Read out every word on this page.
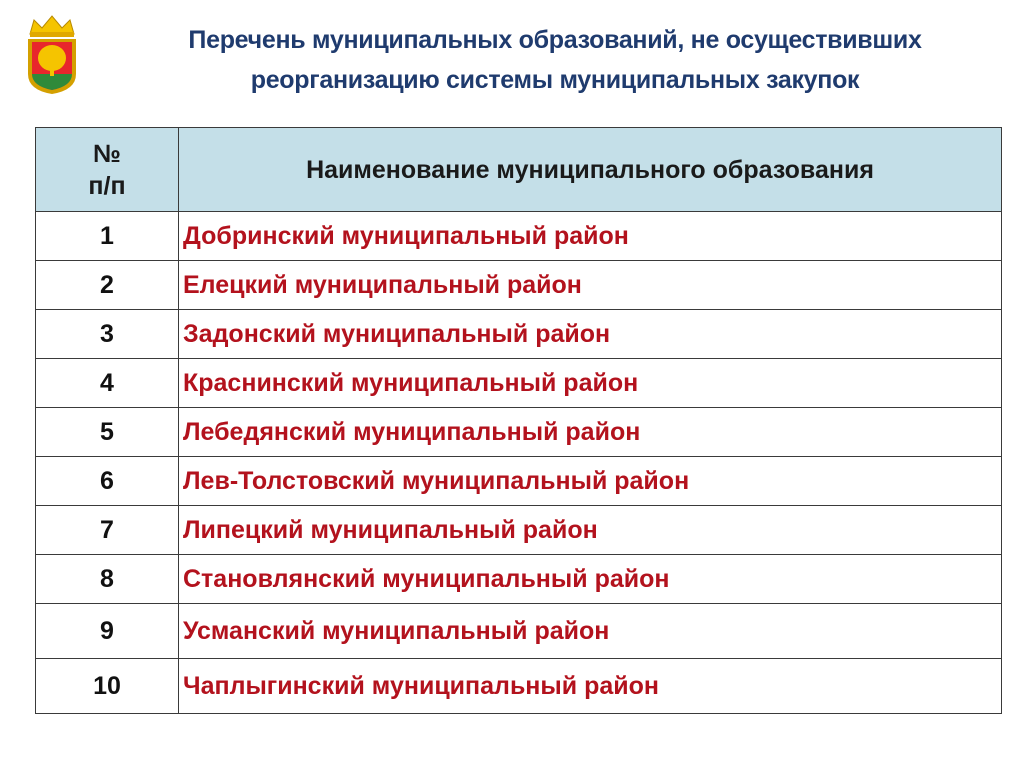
Перечень муниципальных образований, не осуществивших
реорганизацию системы муниципальных закупок
№
п/п	Наименование муниципального образования
1	Добринский муниципальный район
2	Елецкий муниципальный район
3	Задонский муниципальный район
4	Краснинский муниципальный район
5	Лебедянский муниципальный район
6	Лев-Толстовский муниципальный район
7	Липецкий муниципальный район
8	Становлянский муниципальный район
9	Усманский муниципальный район
10	Чаплыгинский муниципальный район
